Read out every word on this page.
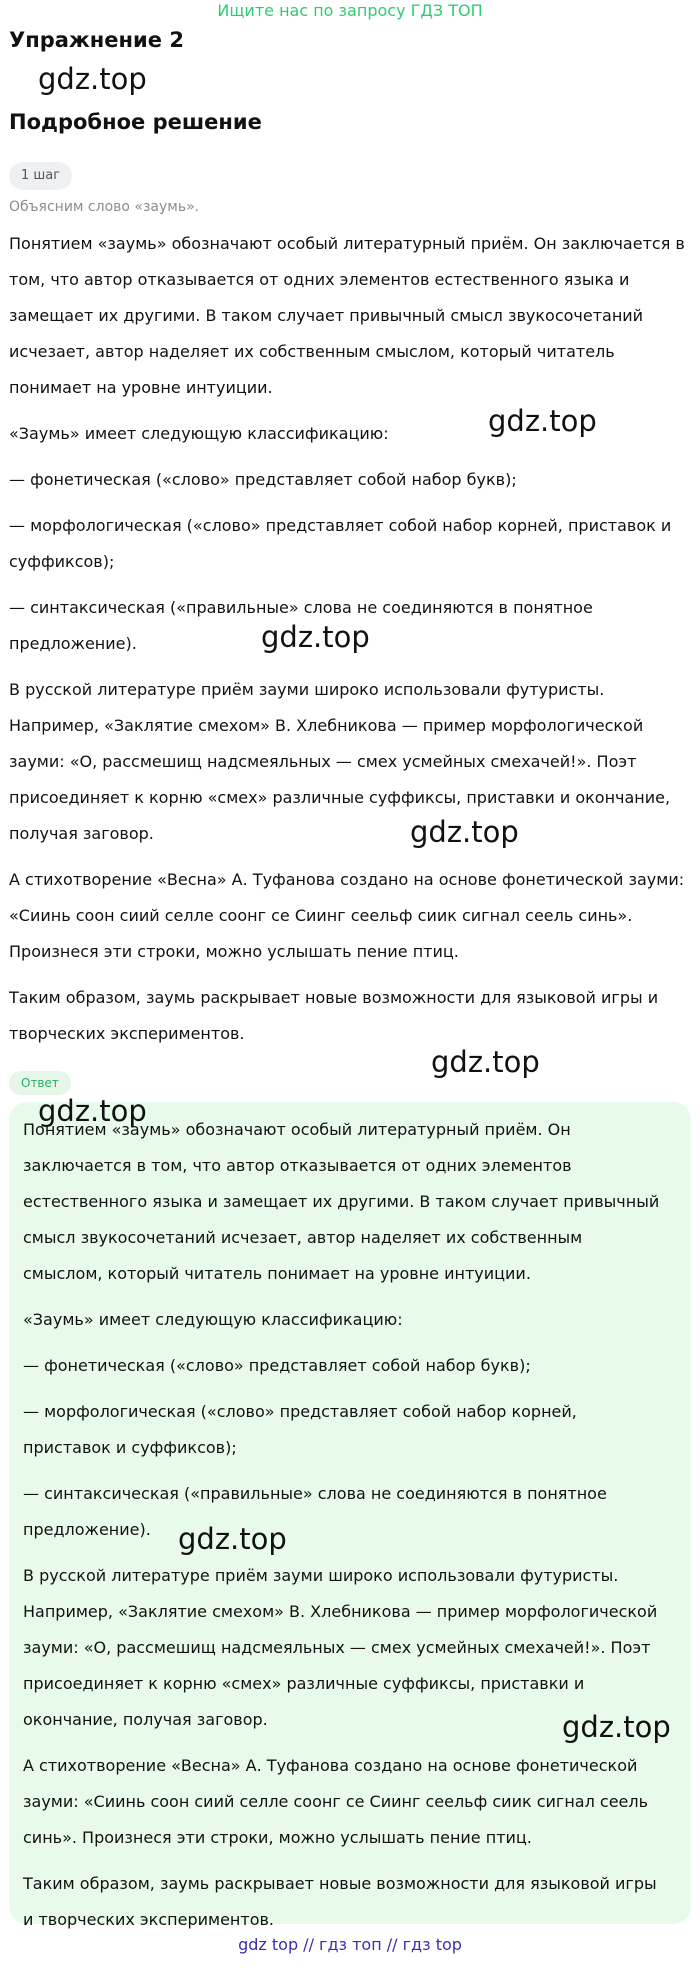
Ищите нас по запросу ГДЗ ТОП
Упражнение 2
gdz.top
Подробное решение
1 шаг
Объясним слово «заумь».

Понятием «заумь» обозначают особый литературный приём. Он заключается в том, что автор отказывается от одних элементов естественного языка и замещает их другими. В таком случает привычный смысл звукосочетаний исчезает, автор наделяет их собственным смыслом, который читатель понимает на уровне интуиции.

«Заумь» имеет следующую классификацию:

— фонетическая («слово» представляет собой набор букв);

— морфологическая («слово» представляет собой набор корней, приставок и суффиксов);

— синтаксическая («правильные» слова не соединяются в понятное предложение).

В русской литературе приём зауми широко использовали футуристы. Например, «Заклятие смехом» В. Хлебникова — пример морфологической зауми: «О, рассмешищ надсмеяльных — смех усмейных смехачей!». Поэт присоединяет к корню «смех» различные суффиксы, приставки и окончание, получая заговор.

А стихотворение «Весна» А. Туфанова создано на основе фонетической зауми: «Сиинь соон сиий селле соонг се Сиинг сеельф сиик сигнал сеель синь». Произнеся эти строки, можно услышать пение птиц.

Таким образом, заумь раскрывает новые возможности для языковой игры и творческих экспериментов.

gdz.top
gdz.top
gdz.top
gdz.top
Ответ

Понятием «заумь» обозначают особый литературный приём. Он заключается в том, что автор отказывается от одних элементов естественного языка и замещает их другими. В таком случает привычный смысл звукосочетаний исчезает, автор наделяет их собственным смыслом, который читатель понимает на уровне интуиции.

«Заумь» имеет следующую классификацию:

— фонетическая («слово» представляет собой набор букв);

— морфологическая («слово» представляет собой набор корней, приставок и суффиксов);

— синтаксическая («правильные» слова не соединяются в понятное предложение).

В русской литературе приём зауми широко использовали футуристы. Например, «Заклятие смехом» В. Хлебникова — пример морфологической зауми: «О, рассмешищ надсмеяльных — смех усмейных смехачей!». Поэт присоединяет к корню «смех» различные суффиксы, приставки и окончание, получая заговор.

А стихотворение «Весна» А. Туфанова создано на основе фонетической зауми: «Сиинь соон сиий селле соонг се Сиинг сеельф сиик сигнал сеель синь». Произнеся эти строки, можно услышать пение птиц.

Таким образом, заумь раскрывает новые возможности для языковой игры и творческих экспериментов.

gdz.top
gdz.top
gdz.top
gdz top // гдз топ // гдз top
